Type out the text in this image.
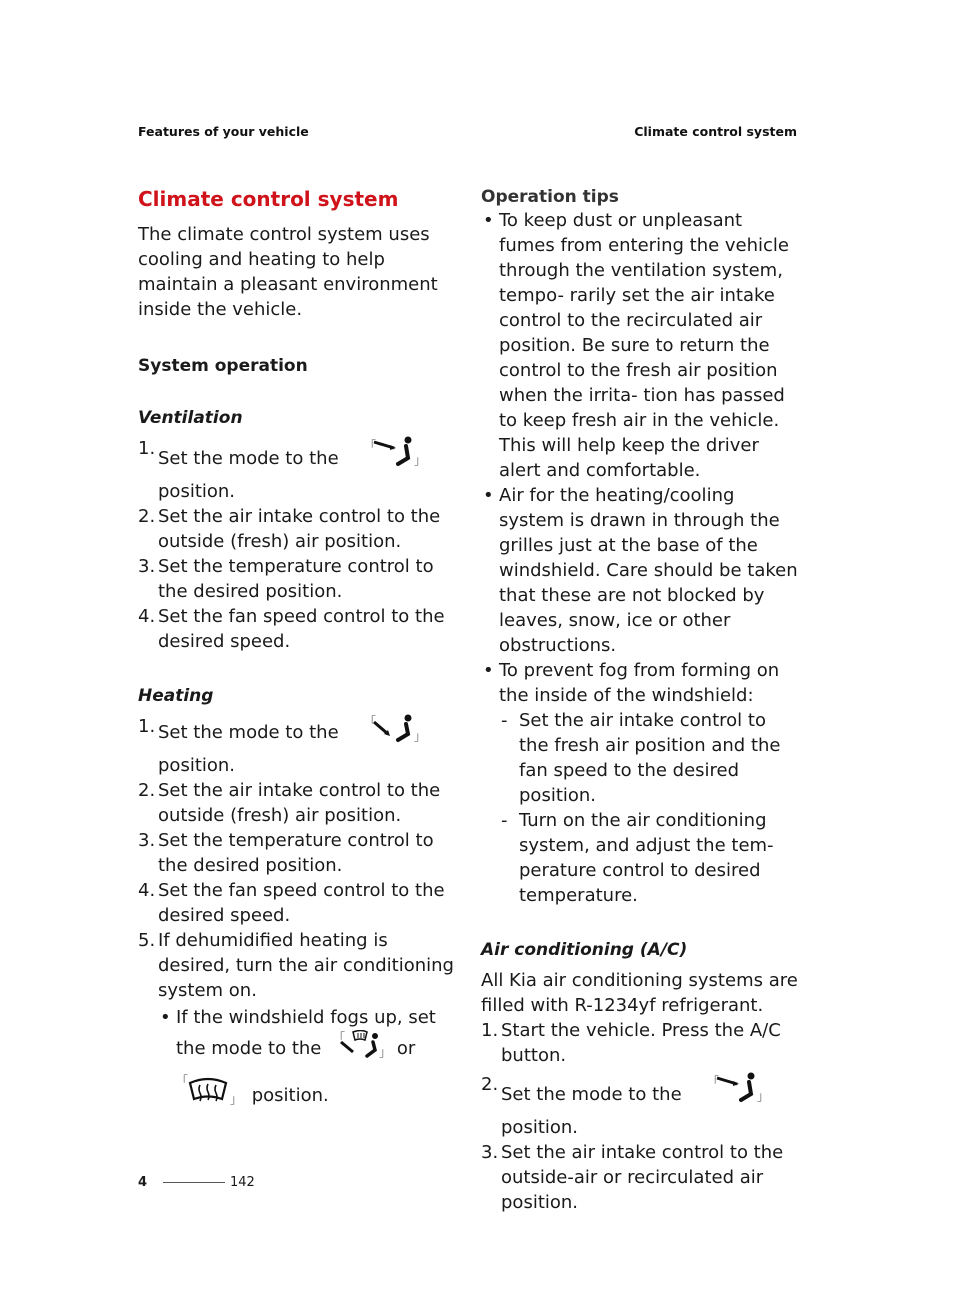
Features of your vehicle	Climate control system
Climate control system

The climate control system uses cooling and heating to help maintain a pleasant environment inside the vehicle.

System operation
Ventilation
1. Set the mode to the
「
」
position.
2. Set the air intake control to the outside (fresh) air position.
3. Set the temperature control to the desired position.
4. Set the fan speed control to the desired speed.
Heating
1. Set the mode to the 「
」
position.
2. Set the air intake control to the outside (fresh) air position.
3. Set the temperature control to the desired position.
4. Set the fan speed control to the desired speed.
5. If dehumidified heating is desired, turn the air conditioning system on.
• If the windshield fogs up, set the mode to the 「
」 or
「
」 position.
Operation tips
• To keep dust or unpleasant fumes from entering the vehicle through the ventilation system, tempo- rarily set the air intake control to the recirculated air position. Be sure to return the control to the fresh air position when the irrita- tion has passed to keep fresh air in the vehicle. This will help keep the driver alert and comfortable.
• Air for the heating/cooling system is drawn in through the grilles just at the base of the windshield. Care should be taken that these are not blocked by leaves, snow, ice or other obstructions.
• To prevent fog from forming on the inside of the windshield:
- Set the air intake control to the fresh air position and the fan speed to the desired position.
- Turn on the air conditioning system, and adjust the tem- perature control to desired temperature.
Air conditioning (A/C)

All Kia air conditioning systems are filled with R-1234yf refrigerant.

1. Start the vehicle. Press the A/C button.
2. Set the mode to the
「
」
position.
3. Set the air intake control to the outside-air or recirculated air position.
4	142
